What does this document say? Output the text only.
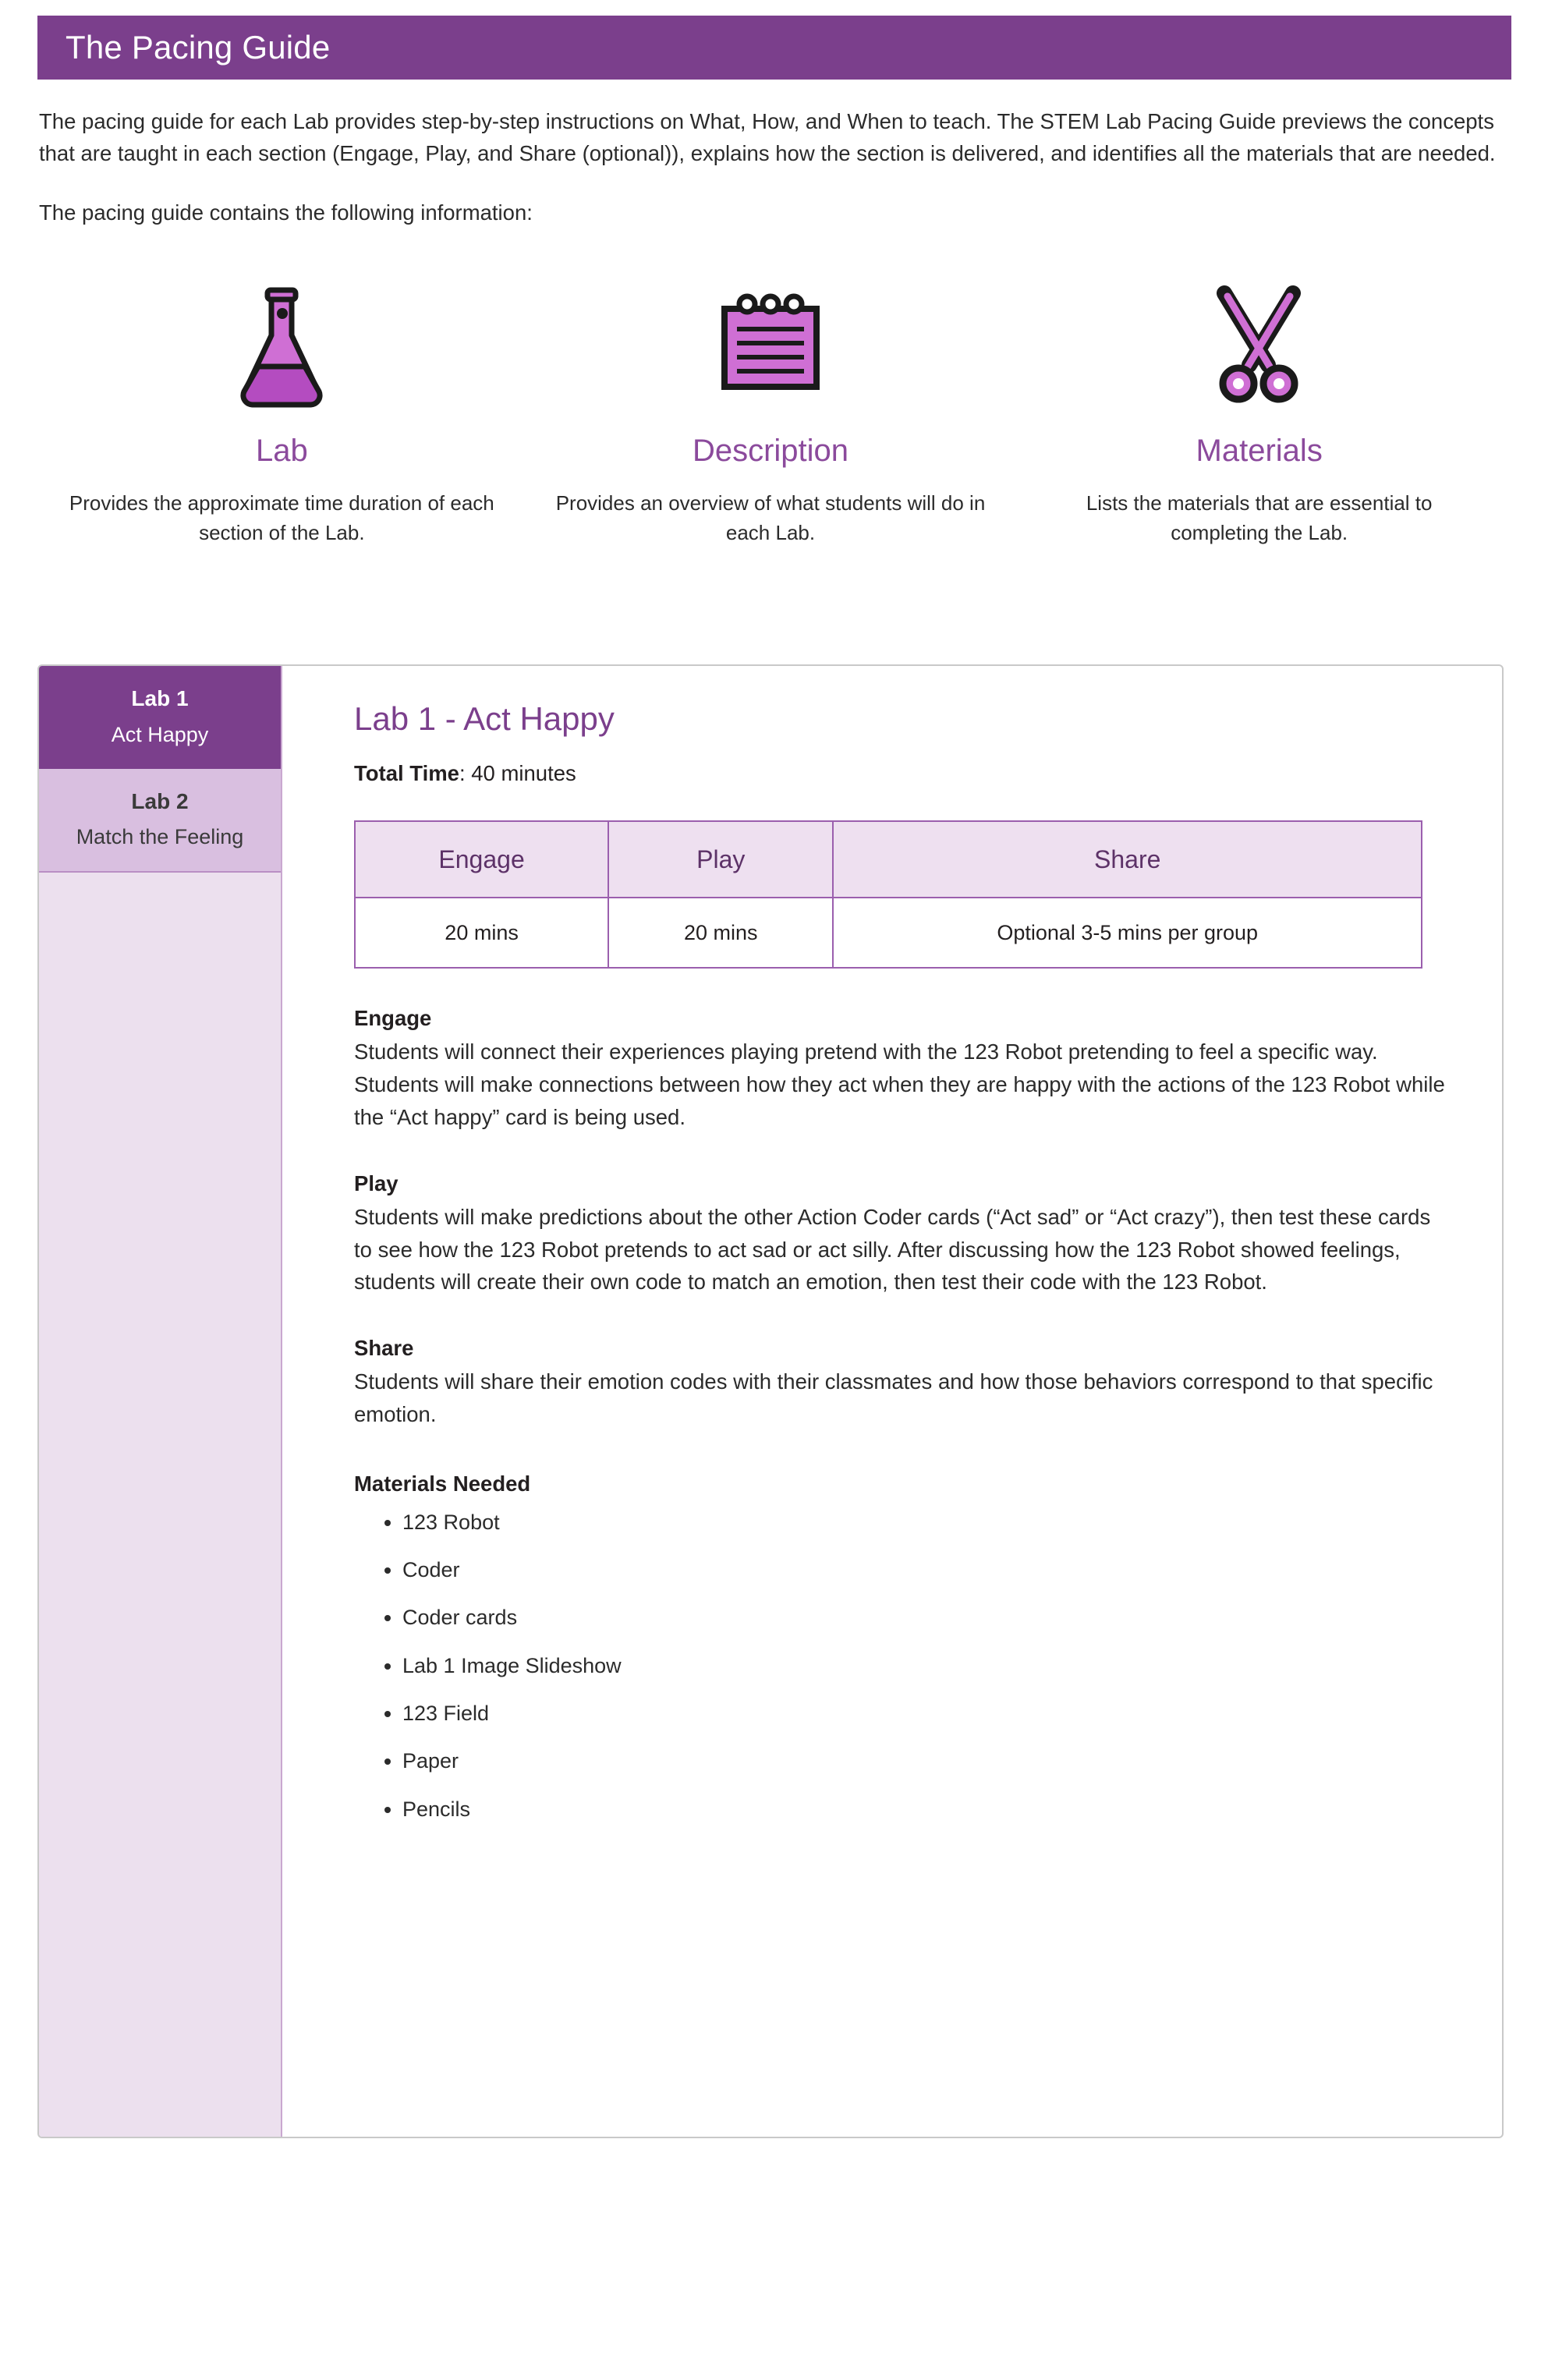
The Pacing Guide

The pacing guide for each Lab provides step-by-step instructions on What, How, and When to teach. The STEM Lab Pacing Guide previews the concepts that are taught in each section (Engage, Play, and Share (optional)), explains how the section is delivered, and identifies all the materials that are needed.

The pacing guide contains the following information:

Lab
Provides the approximate time duration of each section of the Lab.
Description
Provides an overview of what students will do in each Lab.
Materials
Lists the materials that are essential to completing the Lab.
Lab 1
Act Happy
Lab 2
Match the Feeling
Lab 1 - Act Happy
Total Time: 40 minutes
Engage	Play	Share
20 mins	20 mins	Optional 3-5 mins per group
Engage
Students will connect their experiences playing pretend with the 123 Robot pretending to feel a specific way. Students will make connections between how they act when they are happy with the actions of the 123 Robot while the “Act happy” card is being used.
Play
Students will make predictions about the other Action Coder cards (“Act sad” or “Act crazy”), then test these cards to see how the 123 Robot pretends to act sad or act silly. After discussing how the 123 Robot showed feelings, students will create their own code to match an emotion, then test their code with the 123 Robot.
Share
Students will share their emotion codes with their classmates and how those behaviors correspond to that specific emotion.
Materials Needed
• 123 Robot
• Coder
• Coder cards
• Lab 1 Image Slideshow
• 123 Field
• Paper
• Pencils
